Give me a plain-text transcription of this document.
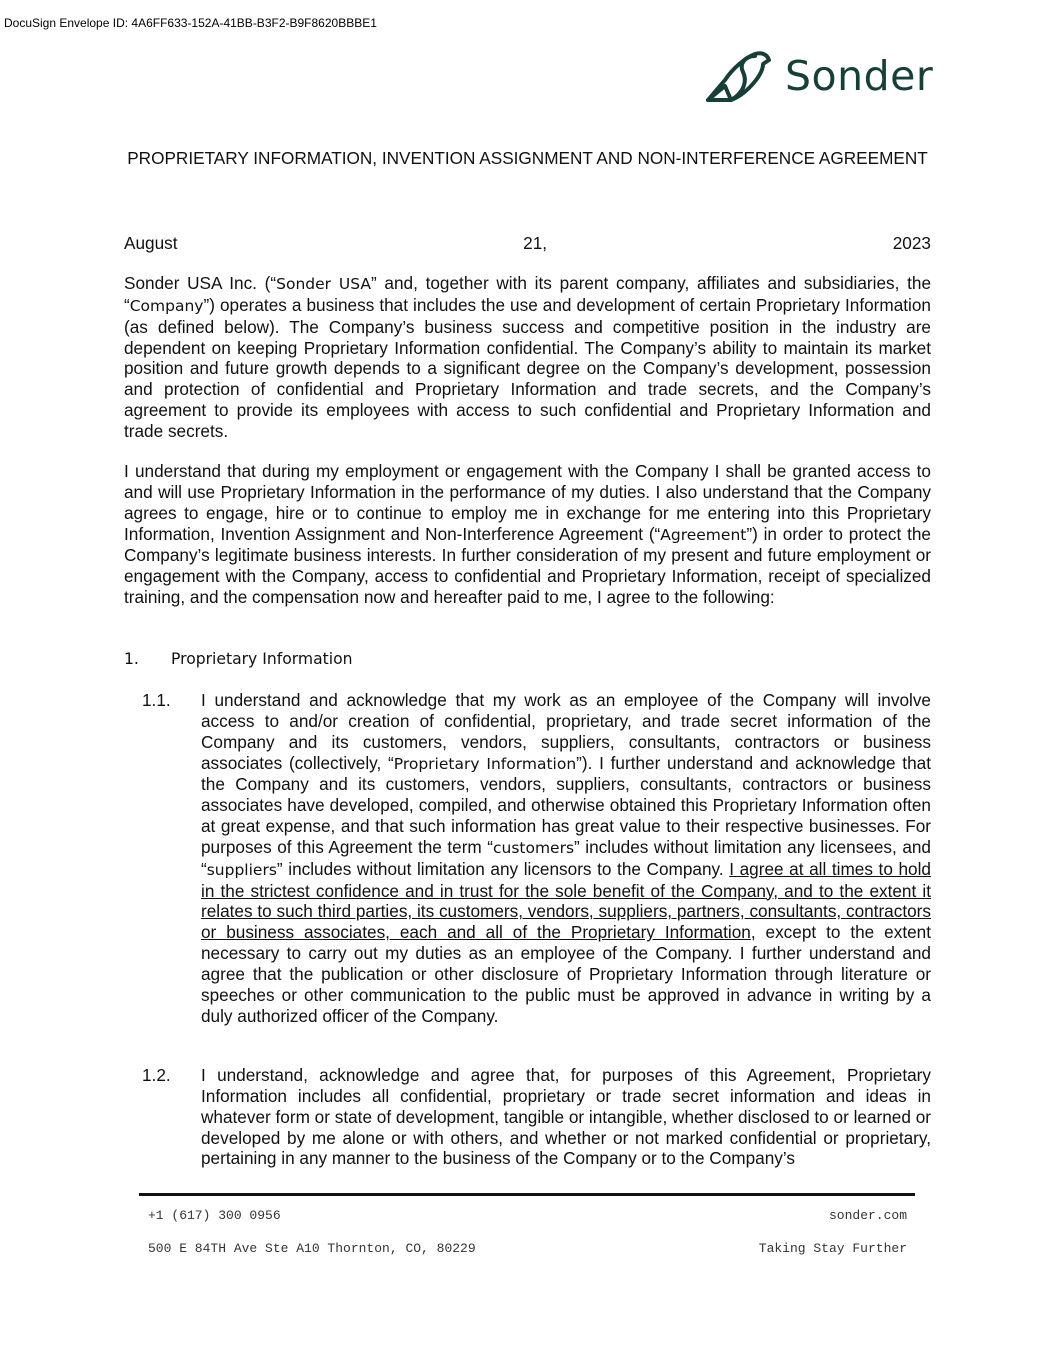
DocuSign Envelope ID: 4A6FF633-152A-41BB-B3F2-B9F8620BBBE1
Sonder
PROPRIETARY INFORMATION, INVENTION ASSIGNMENT AND NON-INTERFERENCE AGREEMENT
August	21,	2023
Sonder USA Inc. (“Sonder USA” and, together with its parent company, affiliates and subsidiaries, the “Company”) operates a business that includes the use and development of certain Proprietary Information (as defined below). The Company’s business success and competitive position in the industry are dependent on keeping Proprietary Information confidential. The Company’s ability to maintain its market position and future growth depends to a significant degree on the Company’s development, possession and protection of confidential and Proprietary Information and trade secrets, and the Company’s agreement to provide its employees with access to such confidential and Proprietary Information and trade secrets.
I understand that during my employment or engagement with the Company I shall be granted access to and will use Proprietary Information in the performance of my duties. I also understand that the Company agrees to engage, hire or to continue to employ me in exchange for me entering into this Proprietary Information, Invention Assignment and Non-Interference Agreement (“Agreement”) in order to protect the Company’s legitimate business interests. In further consideration of my present and future employment or engagement with the Company, access to confidential and Proprietary Information, receipt of specialized training, and the compensation now and hereafter paid to me, I agree to the following:
1. Proprietary Information
1.1. I understand and acknowledge that my work as an employee of the Company will involve access to and/or creation of confidential, proprietary, and trade secret information of the Company and its customers, vendors, suppliers, consultants, contractors or business associates (collectively, “Proprietary Information”). I further understand and acknowledge that the Company and its customers, vendors, suppliers, consultants, contractors or business associates have developed, compiled, and otherwise obtained this Proprietary Information often at great expense, and that such information has great value to their respective businesses. For purposes of this Agreement the term “customers” includes without limitation any licensees, and “suppliers” includes without limitation any licensors to the Company. I agree at all times to hold in the strictest confidence and in trust for the sole benefit of the Company, and to the extent it relates to such third parties, its customers, vendors, suppliers, partners, consultants, contractors or business associates, each and all of the Proprietary Information, except to the extent necessary to carry out my duties as an employee of the Company. I further understand and agree that the publication or other disclosure of Proprietary Information through literature or speeches or other communication to the public must be approved in advance in writing by a duly authorized officer of the Company.
1.2. I understand, acknowledge and agree that, for purposes of this Agreement, Proprietary Information includes all confidential, proprietary or trade secret information and ideas in whatever form or state of development, tangible or intangible, whether disclosed to or learned or developed by me alone or with others, and whether or not marked confidential or proprietary, pertaining in any manner to the business of the Company or to the Company’s
+1 (617) 300 0956	sonder.com
500 E 84TH Ave Ste A10 Thornton, CO, 80229	Taking Stay Further
